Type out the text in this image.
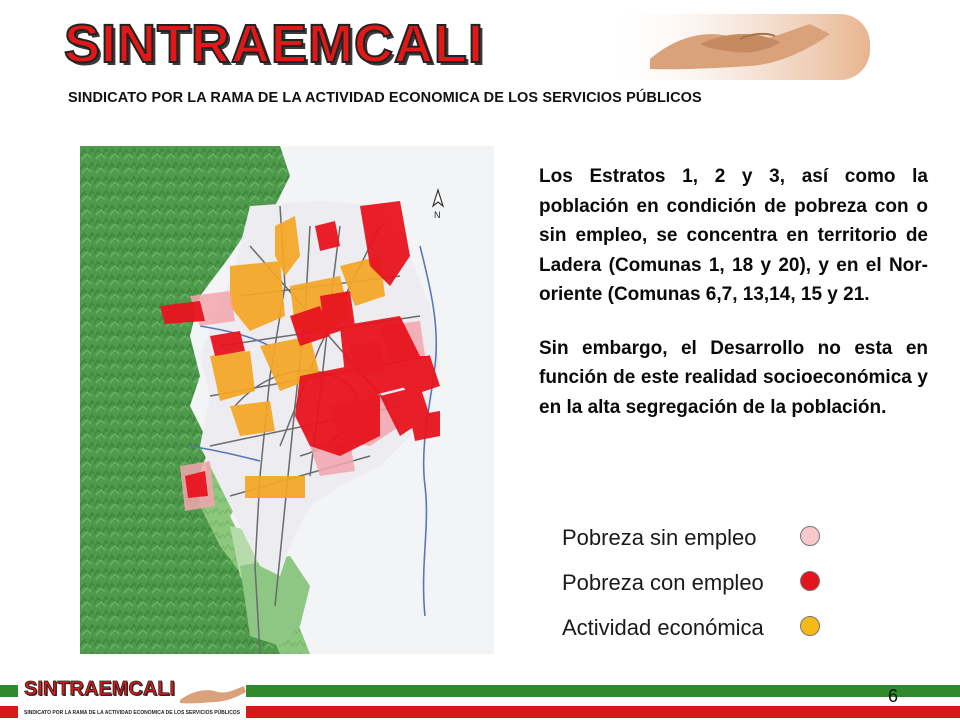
SINTRAEMCALI
SINDICATO POR LA RAMA DE LA ACTIVIDAD ECONOMICA DE LOS SERVICIOS PÚBLICOS
N

Los Estratos 1, 2 y 3, así como la población en condición de pobreza con o sin empleo, se concentra en territorio de Ladera (Comunas 1, 18 y 20), y en el Nor-oriente (Comunas 6,7, 13,14, 15 y 21.

Sin embargo, el Desarrollo no esta en función de este realidad socioeconómica y en la alta segregación de la población.

Pobreza sin empleo
Pobreza con empleo
Actividad económica
SINTRAEMCALI
SINDICATO POR LA RAMA DE LA ACTIVIDAD ECONOMICA DE LOS SERVICIOS PÚBLICOS
6
